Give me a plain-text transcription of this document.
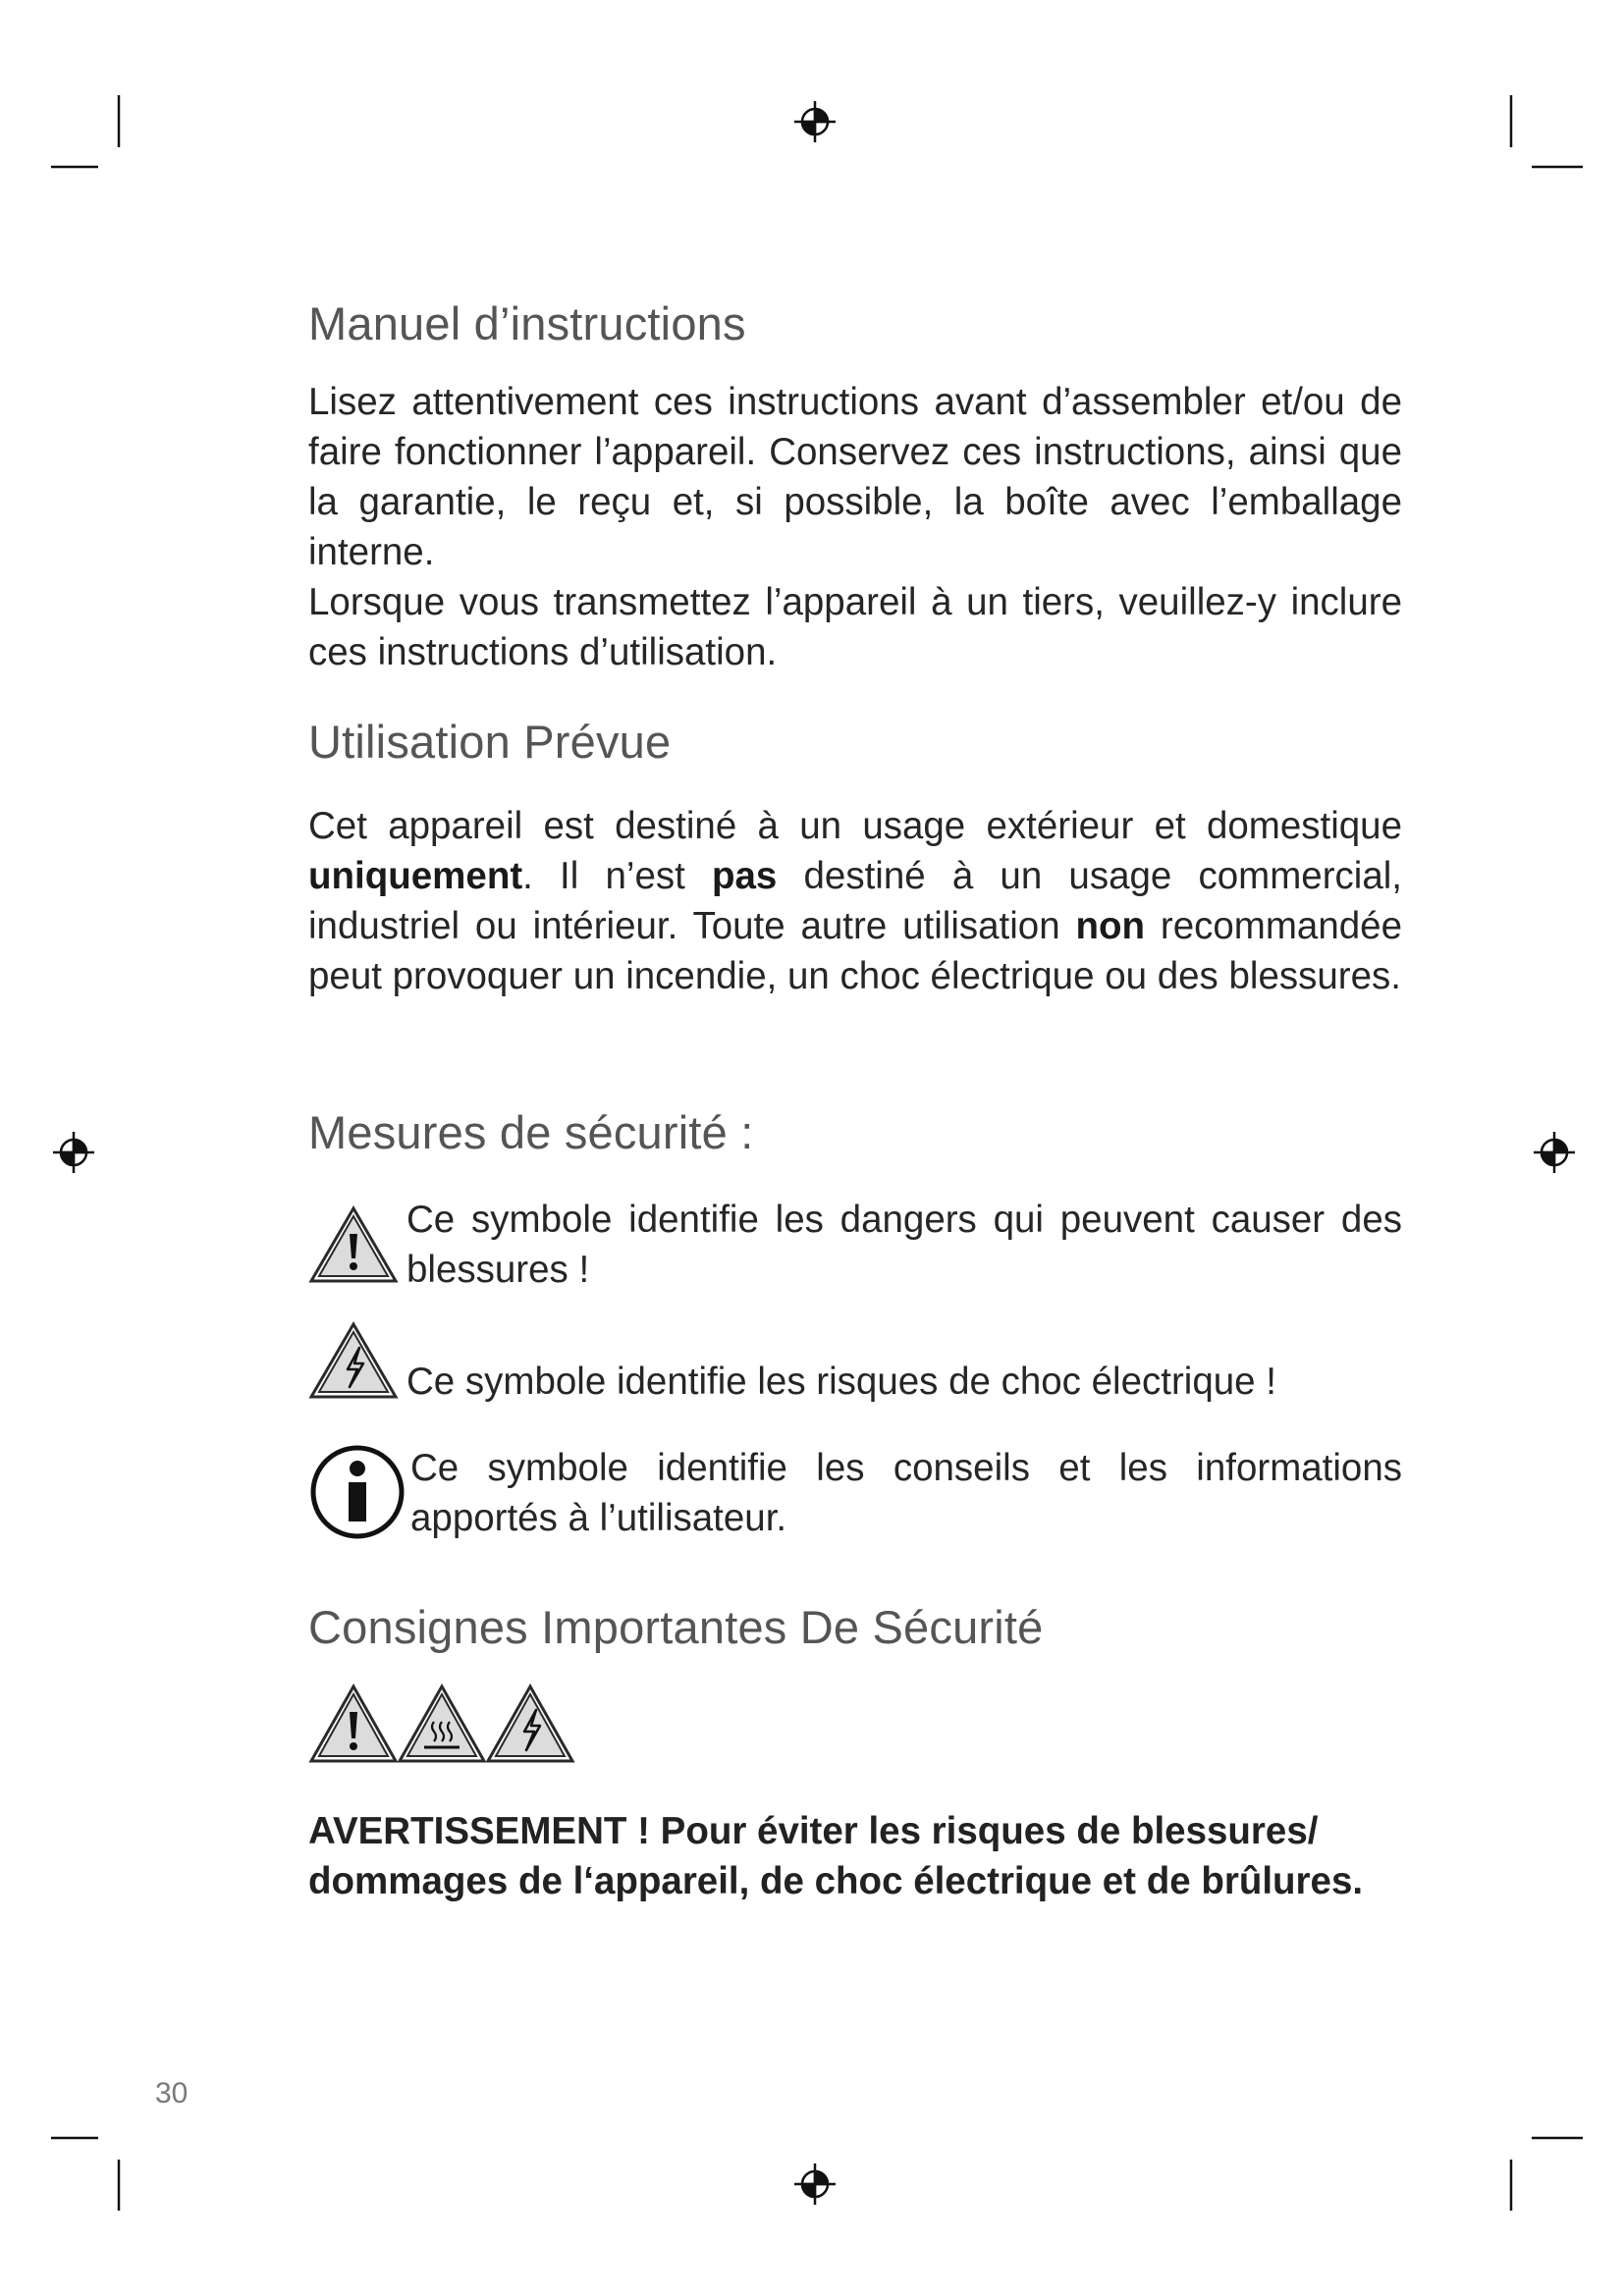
Manuel d’instructions

Lisez attentivement ces instructions avant d’assembler et/ou de faire fonctionner l’appareil. Conservez ces instructions, ainsi que la garantie, le reçu et, si possible, la boîte avec l’emballage interne.

Lorsque vous transmettez l’appareil à un tiers, veuillez-y inclure ces instructions d’utilisation.

Utilisation Prévue

Cet appareil est destiné à un usage extérieur et domestique uniquement. Il n’est pas destiné à un usage commercial, industriel ou intérieur. Toute autre utilisation non recommandée peut provoquer un incendie, un choc électrique ou des blessures.

Mesures de sécurité :
Ce symbole identifie les dangers qui peuvent causer des blessures !
Ce symbole identifie les risques de choc électrique !
Ce symbole identifie les conseils et les informations apportés à l’utilisateur.
Consignes Importantes De Sécurité

AVERTISSEMENT ! Pour éviter les risques de blessures/ dommages de l‘appareil, de choc électrique et de brûlures.

30
